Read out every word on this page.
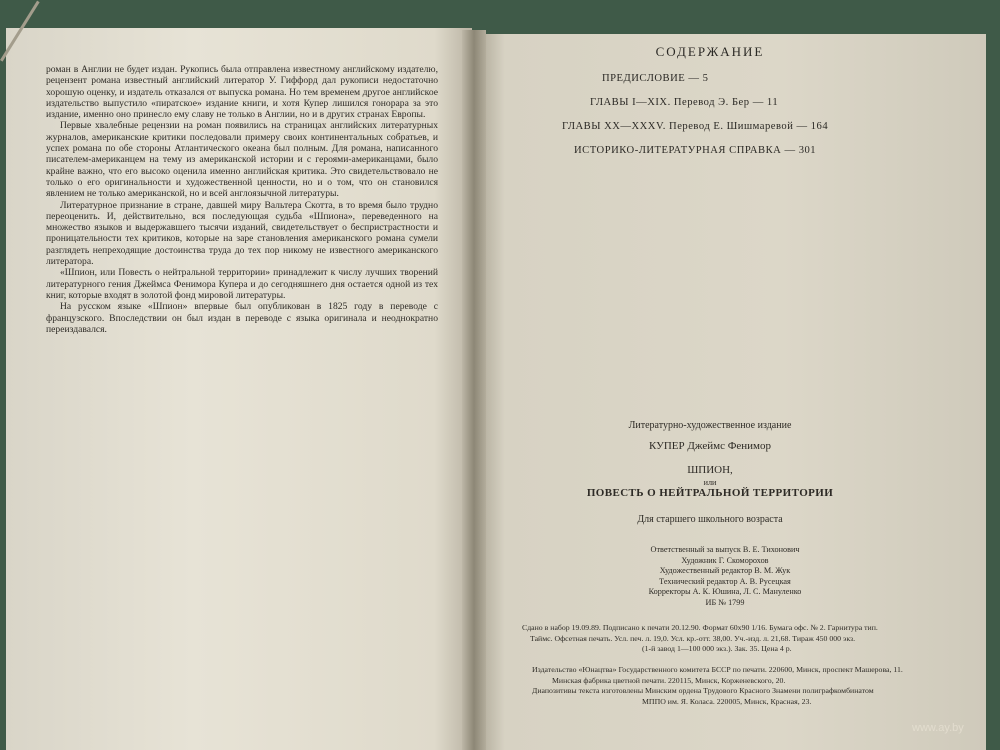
роман в Англии не будет издан. Рукопись была отправлена известному английскому издателю, рецензент романа известный английский литератор У. Гиффорд дал рукописи недостаточно хорошую оценку, и издатель отказался от выпуска романа. Но тем временем другое английское издательство выпустило «пиратское» издание книги, и хотя Купер лишился гонорара за это издание, именно оно принесло ему славу не только в Англии, но и в других странах Европы.

Первые хвалебные рецензии на роман появились на страницах английских литературных журналов, американские критики последовали примеру своих континентальных собратьев, и успех романа по обе стороны Атлантического океана был полным. Для романа, написанного писателем-американцем на тему из американской истории и с героями-американцами, было крайне важно, что его высоко оценила именно английская критика. Это свидетельствовало не только о его оригинальности и художественной ценности, но и о том, что он становился явлением не только американской, но и всей англоязычной литературы.

Литературное признание в стране, давшей миру Вальтера Скотта, в то время было трудно переоценить. И, действительно, вся последующая судьба «Шпиона», переведенного на множество языков и выдержавшего тысячи изданий, свидетельствует о беспристрастности и проницательности тех критиков, которые на заре становления американского романа сумели разглядеть непреходящие достоинства труда до тех пор никому не известного американского литератора.

«Шпион, или Повесть о нейтральной территории» принадлежит к числу лучших творений литературного гения Джеймса Фенимора Купера и до сегодняшнего дня остается одной из тех книг, которые входят в золотой фонд мировой литературы.

На русском языке «Шпион» впервые был опубликован в 1825 году в переводе с французского. Впоследствии он был издан в переводе с языка оригинала и неоднократно переиздавался.

СОДЕРЖАНИЕ
ПРЕДИСЛОВИЕ — 5
ГЛАВЫ I—XIX. Перевод Э. Бер — 11
ГЛАВЫ XX—XXXV. Перевод Е. Шишмаревой — 164
ИСТОРИКО-ЛИТЕРАТУРНАЯ СПРАВКА — 301
Литературно-художественное издание
КУПЕР Джеймс Фенимор
ШПИОН,
или
ПОВЕСТЬ О НЕЙТРАЛЬНОЙ ТЕРРИТОРИИ
Для старшего школьного возраста
Ответственный за выпуск В. Е. Тихонович
Художник Г. Скоморохов
Художественный редактор В. М. Жук
Технический редактор А. В. Русецкая
Корректоры А. К. Юшина, Л. С. Мануленко
ИБ № 1799
Сдано в набор 19.09.89. Подписано к печати 20.12.90. Формат 60х90 1/16. Бумага офс. № 2. Гарнитура тип.
Таймс. Офсетная печать. Усл. печ. л. 19,0. Усл. кр.-отт. 38,00. Уч.-изд. л. 21,68. Тираж 450 000 экз.
(1-й завод 1—100 000 экз.). Зак. 35. Цена 4 р.
Издательство «Юнацтва» Государственного комитета БССР по печати. 220600, Минск, проспект Машерова, 11.
Минская фабрика цветной печати. 220115, Минск, Корженевского, 20.
Диапозитивы текста изготовлены Минским ордена Трудового Красного Знамени полиграфкомбинатом
МППО им. Я. Коласа. 220005, Минск, Красная, 23.
www.ay.by
